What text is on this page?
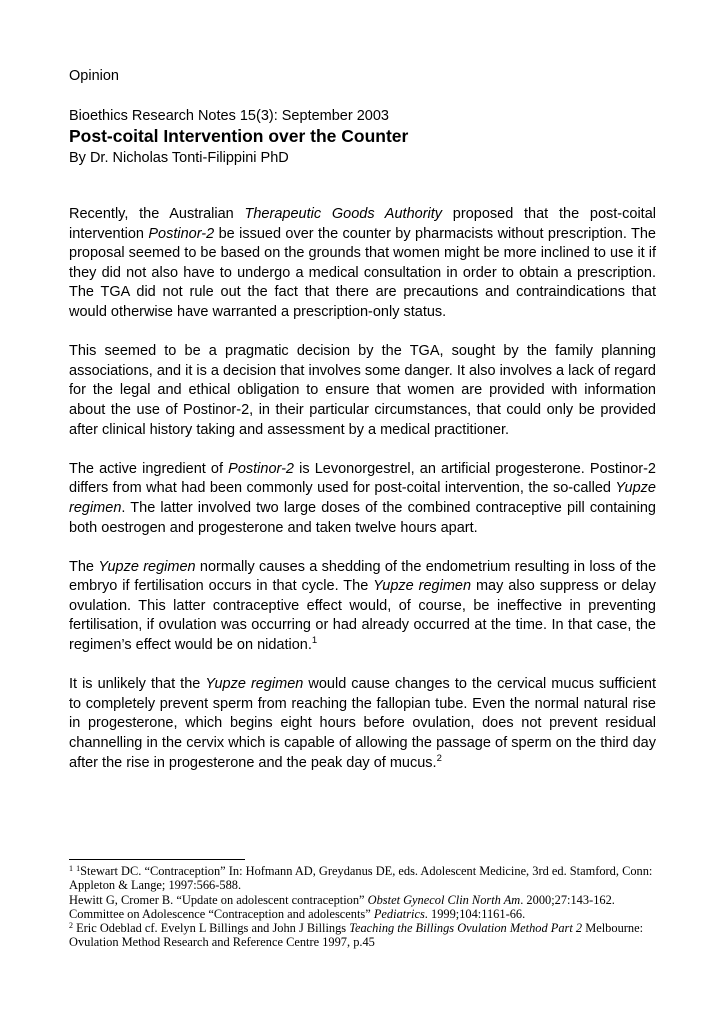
Opinion
Bioethics Research Notes 15(3): September 2003
Post-coital Intervention over the Counter
By Dr. Nicholas Tonti-Filippini PhD

Recently, the Australian Therapeutic Goods Authority proposed that the post-coital intervention Postinor-2 be issued over the counter by pharmacists without prescription. The proposal seemed to be based on the grounds that women might be more inclined to use it if they did not also have to undergo a medical consultation in order to obtain a prescription. The TGA did not rule out the fact that there are precautions and contraindications that would otherwise have warranted a prescription-only status.

This seemed to be a pragmatic decision by the TGA, sought by the family planning associations, and it is a decision that involves some danger. It also involves a lack of regard for the legal and ethical obligation to ensure that women are provided with information about the use of Postinor-2, in their particular circumstances, that could only be provided after clinical history taking and assessment by a medical practitioner.

The active ingredient of Postinor-2 is Levonorgestrel, an artificial progesterone. Postinor-2 differs from what had been commonly used for post-coital intervention, the so-called Yupze regimen. The latter involved two large doses of the combined contraceptive pill containing both oestrogen and progesterone and taken twelve hours apart.

The Yupze regimen normally causes a shedding of the endometrium resulting in loss of the embryo if fertilisation occurs in that cycle. The Yupze regimen may also suppress or delay ovulation. This latter contraceptive effect would, of course, be ineffective in preventing fertilisation, if ovulation was occurring or had already occurred at the time. In that case, the regimen’s effect would be on nidation.$^1$

It is unlikely that the Yupze regimen would cause changes to the cervical mucus sufficient to completely prevent sperm from reaching the fallopian tube. Even the normal natural rise in progesterone, which begins eight hours before ovulation, does not prevent residual channelling in the cervix which is capable of allowing the passage of sperm on the third day after the rise in progesterone and the peak day of mucus.$^2$

$^1$ $^1$Stewart DC. “Contraception” In: Hofmann AD, Greydanus DE, eds. Adolescent Medicine, 3rd ed. Stamford, Conn: Appleton & Lange; 1997:566-588.

Hewitt G, Cromer B. “Update on adolescent contraception” Obstet Gynecol Clin North Am. 2000;27:143-162.

Committee on Adolescence “Contraception and adolescents” Pediatrics. 1999;104:1161-66.

$^2$ Eric Odeblad cf. Evelyn L Billings and John J Billings Teaching the Billings Ovulation Method Part 2 Melbourne: Ovulation Method Research and Reference Centre 1997, p.45
